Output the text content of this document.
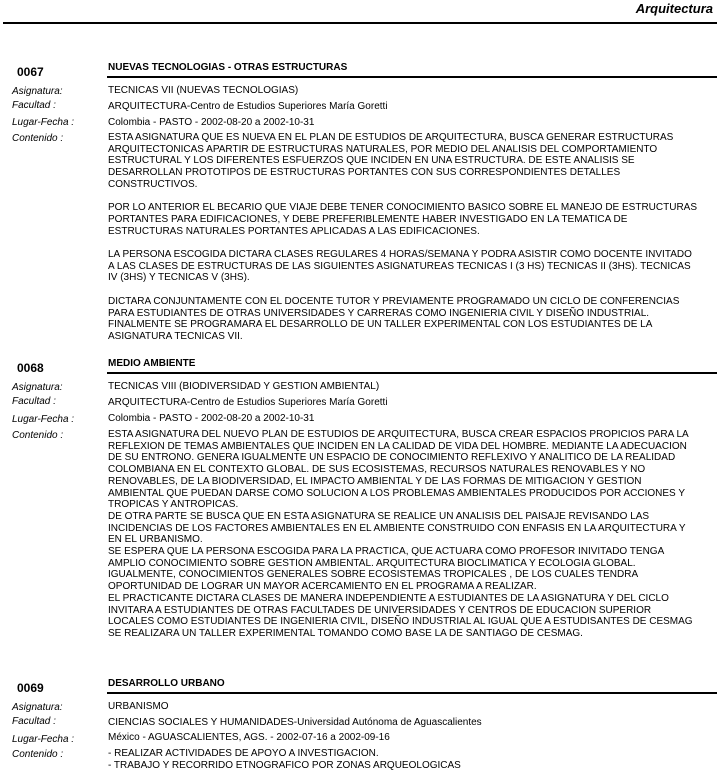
Arquitectura
0067	NUEVAS TECNOLOGIAS - OTRAS ESTRUCTURAS
Asignatura:	TECNICAS VII (NUEVAS TECNOLOGIAS)
Facultad :	ARQUITECTURA-Centro de Estudios Superiores María Goretti
Lugar-Fecha :	Colombia - PASTO - 2002-08-20 a 2002-10-31
Contenido :	ESTA ASIGNATURA QUE ES NUEVA EN EL PLAN DE ESTUDIOS DE ARQUITECTURA, BUSCA GENERAR ESTRUCTURAS
ARQUITECTONICAS APARTIR DE ESTRUCTURAS NATURALES, POR MEDIO DEL ANALISIS DEL COMPORTAMIENTO
ESTRUCTURAL Y LOS DIFERENTES ESFUERZOS QUE INCIDEN EN UNA ESTRUCTURA. DE ESTE ANALISIS SE
DESARROLLAN PROTOTIPOS DE ESTRUCTURAS PORTANTES CON SUS CORRESPONDIENTES DETALLES
CONSTRUCTIVOS.

POR LO ANTERIOR EL BECARIO QUE VIAJE DEBE TENER CONOCIMIENTO BASICO SOBRE EL MANEJO DE ESTRUCTURAS
PORTANTES PARA EDIFICACIONES, Y DEBE PREFERIBLEMENTE HABER INVESTIGADO EN LA TEMATICA DE
ESTRUCTURAS NATURALES PORTANTES APLICADAS A LAS EDIFICACIONES.

LA PERSONA ESCOGIDA DICTARA CLASES REGULARES 4 HORAS/SEMANA Y PODRA ASISTIR COMO DOCENTE INVITADO
A LAS CLASES DE ESTRUCTURAS DE LAS SIGUIENTES ASIGNATUREAS TECNICAS I (3 HS) TECNICAS II (3HS). TECNICAS
IV (3HS) Y TECNICAS V (3HS).

DICTARA CONJUNTAMENTE CON EL DOCENTE TUTOR Y PREVIAMENTE PROGRAMADO UN CICLO DE CONFERENCIAS
PARA ESTUDIANTES DE OTRAS UNIVERSIDADES Y CARRERAS COMO INGENIERIA CIVIL Y DISEÑO INDUSTRIAL.
FINALMENTE SE PROGRAMARA EL DESARROLLO DE UN TALLER EXPERIMENTAL CON LOS ESTUDIANTES DE LA
ASIGNATURA TECNICAS VII.
0068	MEDIO AMBIENTE
Asignatura:	TECNICAS VIII (BIODIVERSIDAD Y GESTION AMBIENTAL)
Facultad :	ARQUITECTURA-Centro de Estudios Superiores María Goretti
Lugar-Fecha :	Colombia - PASTO - 2002-08-20 a 2002-10-31
Contenido :	ESTA ASIGNATURA DEL NUEVO PLAN DE ESTUDIOS DE ARQUITECTURA, BUSCA CREAR ESPACIOS PROPICIOS PARA LA
REFLEXION DE TEMAS AMBIENTALES QUE INCIDEN EN LA CALIDAD DE VIDA DEL HOMBRE. MEDIANTE LA ADECUACION
DE SU ENTRONO. GENERA IGUALMENTE UN ESPACIO DE CONOCIMIENTO REFLEXIVO Y ANALITICO DE LA REALIDAD
COLOMBIANA EN EL CONTEXTO GLOBAL. DE SUS ECOSISTEMAS, RECURSOS NATURALES RENOVABLES Y NO
RENOVABLES, DE LA BIODIVERSIDAD, EL IMPACTO AMBIENTAL Y DE LAS FORMAS DE MITIGACION Y GESTION
AMBIENTAL QUE PUEDAN DARSE COMO SOLUCION A LOS PROBLEMAS AMBIENTALES PRODUCIDOS POR ACCIONES Y
TROPICAS Y ANTROPICAS.
DE OTRA PARTE SE BUSCA QUE EN ESTA ASIGNATURA SE REALICE UN ANALISIS DEL PAISAJE REVISANDO LAS
INCIDENCIAS DE LOS FACTORES AMBIENTALES EN EL AMBIENTE CONSTRUIDO CON ENFASIS EN LA ARQUITECTURA Y
EN EL URBANISMO.
SE ESPERA QUE LA PERSONA ESCOGIDA PARA LA PRACTICA, QUE ACTUARA COMO PROFESOR INIVITADO TENGA
AMPLIO CONOCIMIENTO SOBRE GESTION AMBIENTAL. ARQUITECTURA BIOCLIMATICA Y ECOLOGIA GLOBAL.
IGUALMENTE, CONOCIMIENTOS GENERALES SOBRE ECOSISTEMAS TROPICALES , DE LOS CUALES TENDRA
OPORTUNIDAD DE LOGRAR UN MAYOR ACERCAMIENTO EN EL PROGRAMA A REALIZAR.
EL PRACTICANTE DICTARA CLASES DE MANERA INDEPENDIENTE A ESTUDIANTES DE LA ASIGNATURA Y DEL CICLO
INVITARA A ESTUDIANTES DE OTRAS FACULTADES DE UNIVERSIDADES Y CENTROS DE EDUCACION SUPERIOR
LOCALES COMO ESTUDIANTES DE INGENIERIA CIVIL, DISEÑO INDUSTRIAL AL IGUAL QUE A ESTUDISANTES DE CESMAG
SE REALIZARA UN TALLER EXPERIMENTAL TOMANDO COMO BASE LA DE SANTIAGO DE CESMAG.
0069	DESARROLLO URBANO
Asignatura:	URBANISMO
Facultad :	CIENCIAS SOCIALES Y HUMANIDADES-Universidad Autónoma de Aguascalientes
Lugar-Fecha :	México - AGUASCALIENTES, AGS. - 2002-07-16 a 2002-09-16
Contenido :	- REALIZAR ACTIVIDADES DE APOYO A INVESTIGACION.
- TRABAJO Y RECORRIDO ETNOGRAFICO POR ZONAS ARQUEOLOGICAS
